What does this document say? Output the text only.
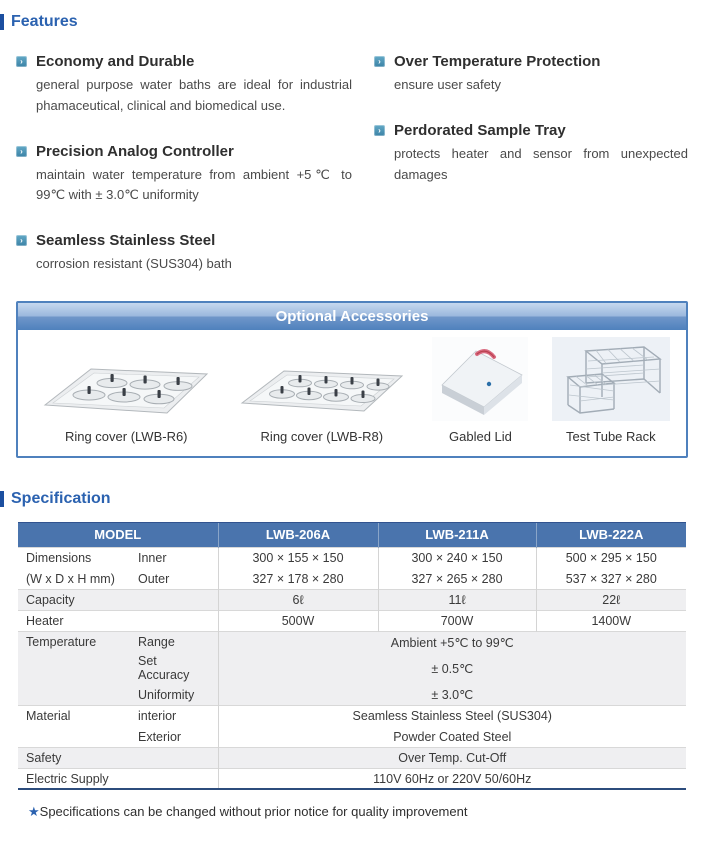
Features
› Economy and Durable
general purpose water baths are ideal for industrial phamaceutical, clinical and biomedical use.
› Precision Analog Controller
maintain water temperature from ambient +5℃ to 99℃ with ± 3.0℃ uniformity
› Seamless Stainless Steel
corrosion resistant (SUS304) bath
› Over Temperature Protection
ensure user safety
› Perdorated Sample Tray
protects heater and sensor from unexpected damages
Optional Accessories
Ring cover (LWB-R6)	Ring cover (LWB-R8)	Gabled Lid	Test Tube Rack
Specification
MODEL		LWB-206A	LWB-211A	LWB-222A
Dimensions	Inner	300 × 155 × 150	300 × 240 × 150	500 × 295 × 150
(W x D x H mm)	Outer	327 × 178 × 280	327 × 265 × 280	537 × 327 × 280
Capacity		6ℓ	11ℓ	22ℓ
Heater		500W	700W	1400W
Temperature	Range	Ambient +5℃ to 99℃		
	Set Accuracy	± 0.5℃		
	Uniformity	± 3.0℃		
Material	interior	Seamless Stainless Steel (SUS304)		
	Exterior	Powder Coated Steel		
Safety		Over Temp. Cut-Off		
Electric Supply		110V 60Hz or 220V 50/60Hz		
★Specifications can be changed without prior notice for quality improvement
